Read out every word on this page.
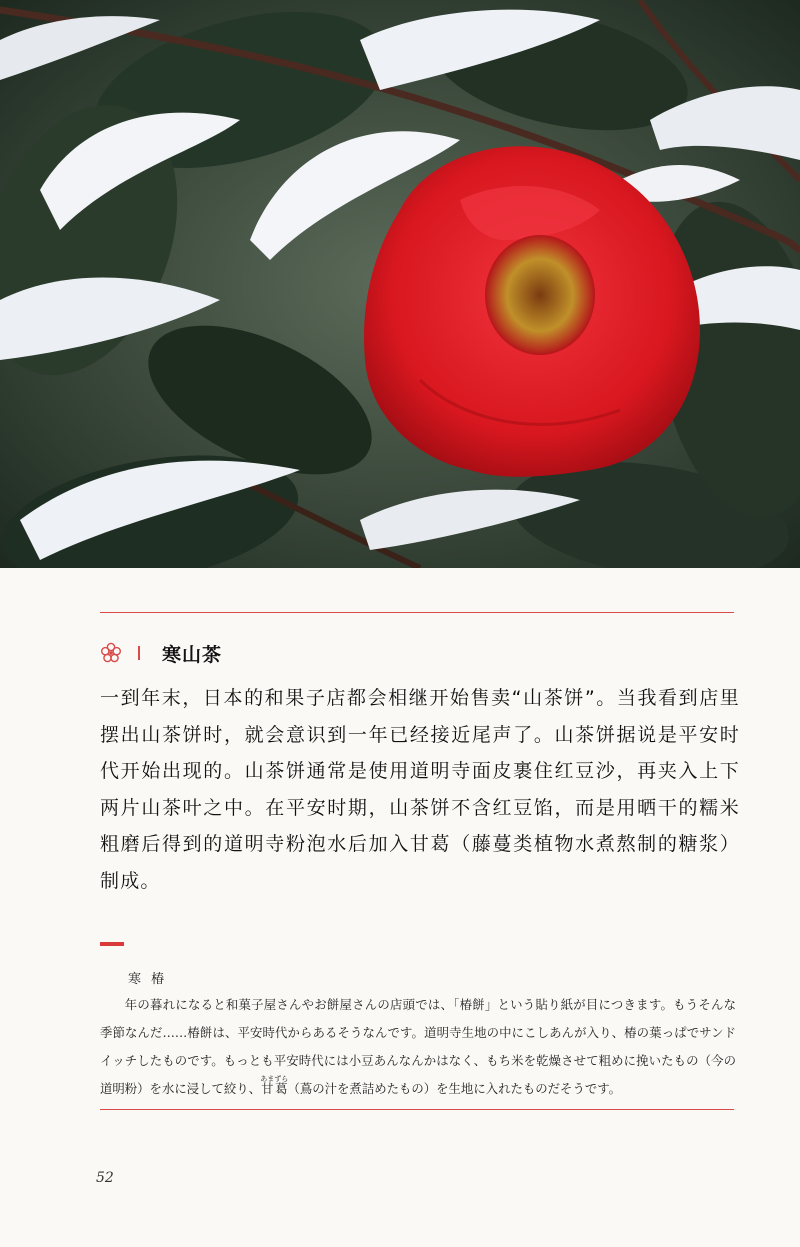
寒山茶
一到年末，日本的和果子店都会相继开始售卖“山茶饼”。当我看到店里摆出山茶饼时，就会意识到一年已经接近尾声了。山茶饼据说是平安时代开始出现的。山茶饼通常是使用道明寺面皮裹住红豆沙，再夹入上下两片山茶叶之中。在平安时期，山茶饼不含红豆馅，而是用晒干的糯米粗磨后得到的道明寺粉泡水后加入甘葛（藤蔓类植物水煮熬制的糖浆）制成。
寒 椿
年の暮れになると和菓子屋さんやお餅屋さんの店頭では、「椿餅」という貼り紙が目につきます。もうそんな季節なんだ……椿餅は、平安時代からあるそうなんです。道明寺生地の中にこしあんが入り、椿の葉っぱでサンドイッチしたものです。もっとも平安時代には小豆あんなんかはなく、もち米を乾燥させて粗めに挽いたもの（今の道明粉）を水に浸して絞り、甘葛あまずら（蔦の汁を煮詰めたもの）を生地に入れたものだそうです。
52
